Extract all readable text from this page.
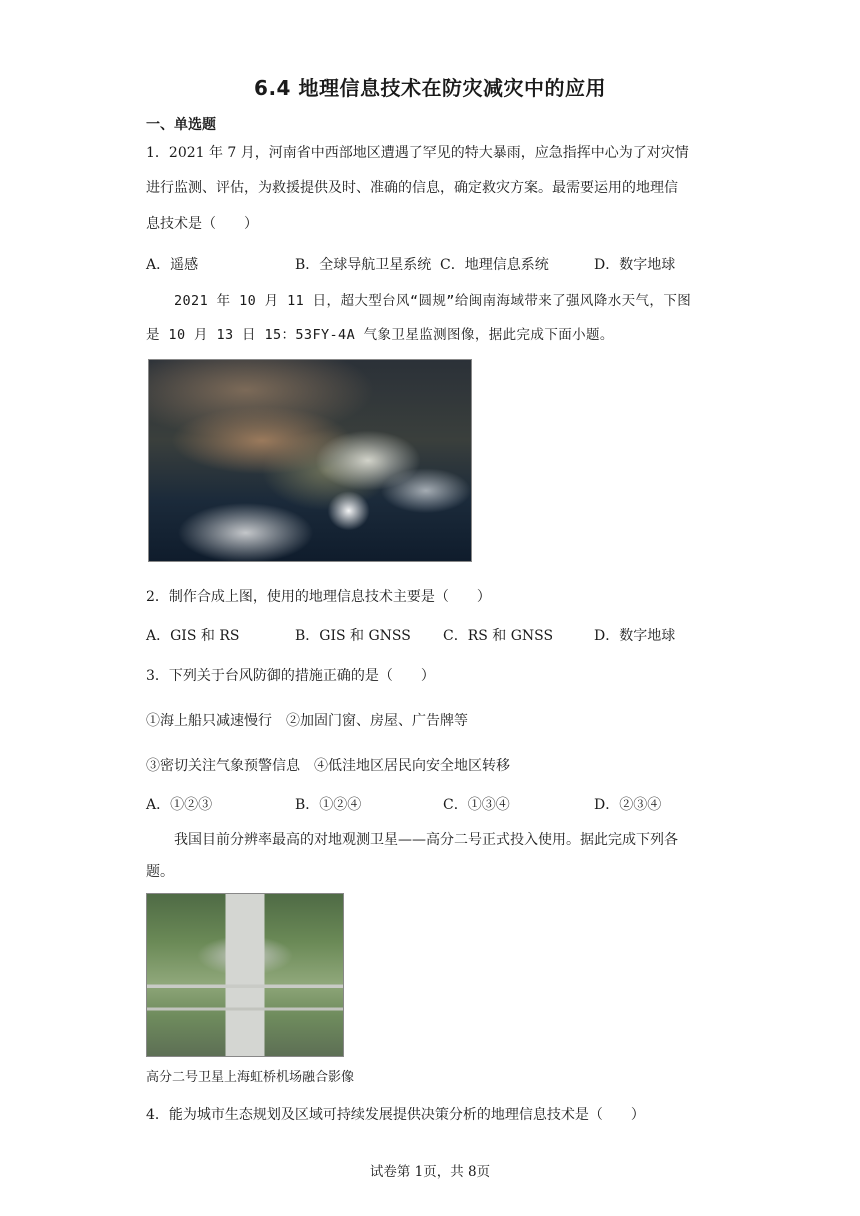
6.4 地理信息技术在防灾减灾中的应用
一、单选题
1．2021 年 7 月，河南省中西部地区遭遇了罕见的特大暴雨，应急指挥中心为了对灾情
进行监测、评估，为救援提供及时、准确的信息，确定救灾方案。最需要运用的地理信
息技术是（　　）
A．遥感	B．全球导航卫星系统 C．地理信息系统	D．数字地球
2021 年 10 月 11 日，超大型台风“圆规”给闽南海域带来了强风降水天气，下图
是 10 月 13 日 15：53FY-4A 气象卫星监测图像，据此完成下面小题。
2．制作合成上图，使用的地理信息技术主要是（　　）
A．GIS 和 RS	B．GIS 和 GNSS C．RS 和 GNSS	D．数字地球
3．下列关于台风防御的措施正确的是（　　）
①海上船只减速慢行　②加固门窗、房屋、广告牌等
③密切关注气象预警信息　④低洼地区居民向安全地区转移
A．①②③	B．①②④	C．①③④	D．②③④
我国目前分辨率最高的对地观测卫星——高分二号正式投入使用。据此完成下列各
题。
高分二号卫星上海虹桥机场融合影像
4．能为城市生态规划及区域可持续发展提供决策分析的地理信息技术是（　　）
试卷第 1页，共 8页
